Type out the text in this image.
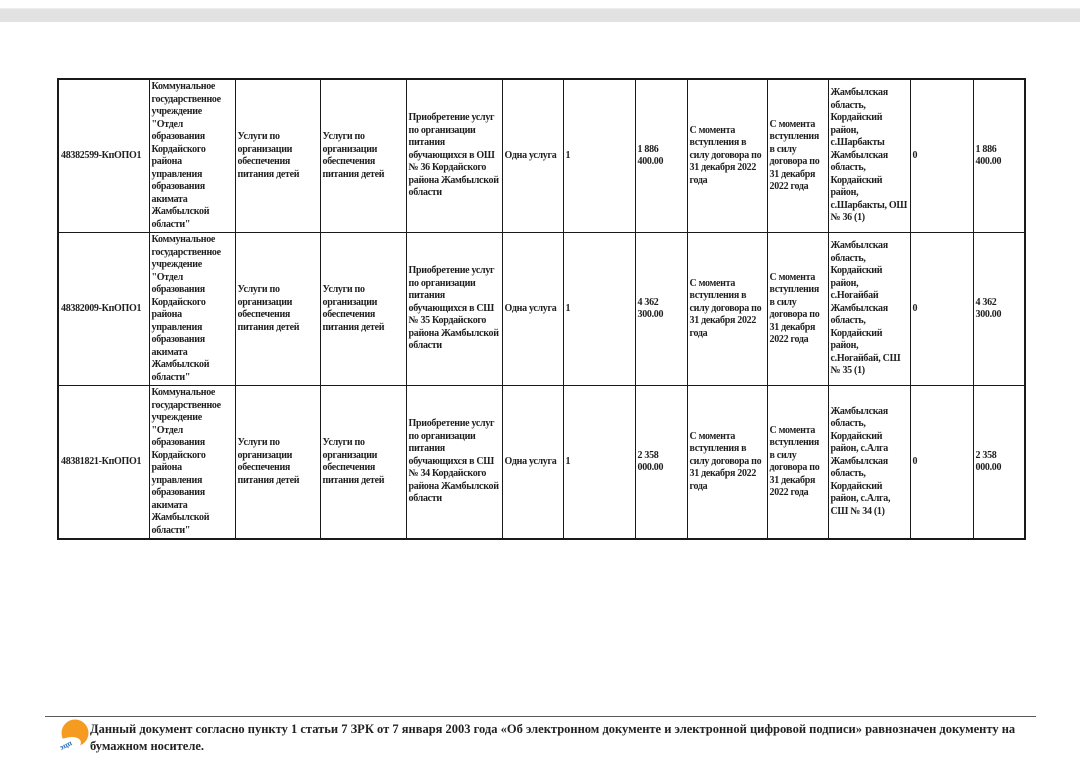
48382599-КпОПО1	Коммунальное государственное учреждение "Отдел образования Кордайского района управления образования акимата Жамбылской области"	Услуги по организации обеспечения питания детей	Услуги по организации обеспечения питания детей	Приобретение услуг по организации питания обучающихся в ОШ № 36 Кордайского района Жамбылской области	Одна услуга	1	1 886 400.00	С момента вступления в силу договора по 31 декабря 2022 года	С момента вступления в силу договора по 31 декабря 2022 года	Жамбылская область, Кордайский район, с.Шарбакты Жамбылская область, Кордайский район, с.Шарбакты, ОШ № 36 (1)	0	1 886 400.00
48382009-КпОПО1	Коммунальное государственное учреждение "Отдел образования Кордайского района управления образования акимата Жамбылской области"	Услуги по организации обеспечения питания детей	Услуги по организации обеспечения питания детей	Приобретение услуг по организации питания обучающихся в СШ № 35 Кордайского района Жамбылской области	Одна услуга	1	4 362 300.00	С момента вступления в силу договора по 31 декабря 2022 года	С момента вступления в силу договора по 31 декабря 2022 года	Жамбылская область, Кордайский район, с.Ногайбай Жамбылская область, Кордайский район, с.Ногайбай, СШ № 35 (1)	0	4 362 300.00
48381821-КпОПО1	Коммунальное государственное учреждение "Отдел образования Кордайского района управления образования акимата Жамбылской области"	Услуги по организации обеспечения питания детей	Услуги по организации обеспечения питания детей	Приобретение услуг по организации питания обучающихся в СШ № 34 Кордайского района Жамбылской области	Одна услуга	1	2 358 000.00	С момента вступления в силу договора по 31 декабря 2022 года	С момента вступления в силу договора по 31 декабря 2022 года	Жамбылская область, Кордайский район, с.Алга Жамбылская область, Кордайский район, с.Алга, СШ № 34 (1)	0	2 358 000.00
эцп
Данный документ согласно пункту 1 статьи 7 ЗРК от 7 января 2003 года «Об электронном документе и электронной цифровой подписи» равнозначен документу на бумажном носителе.
